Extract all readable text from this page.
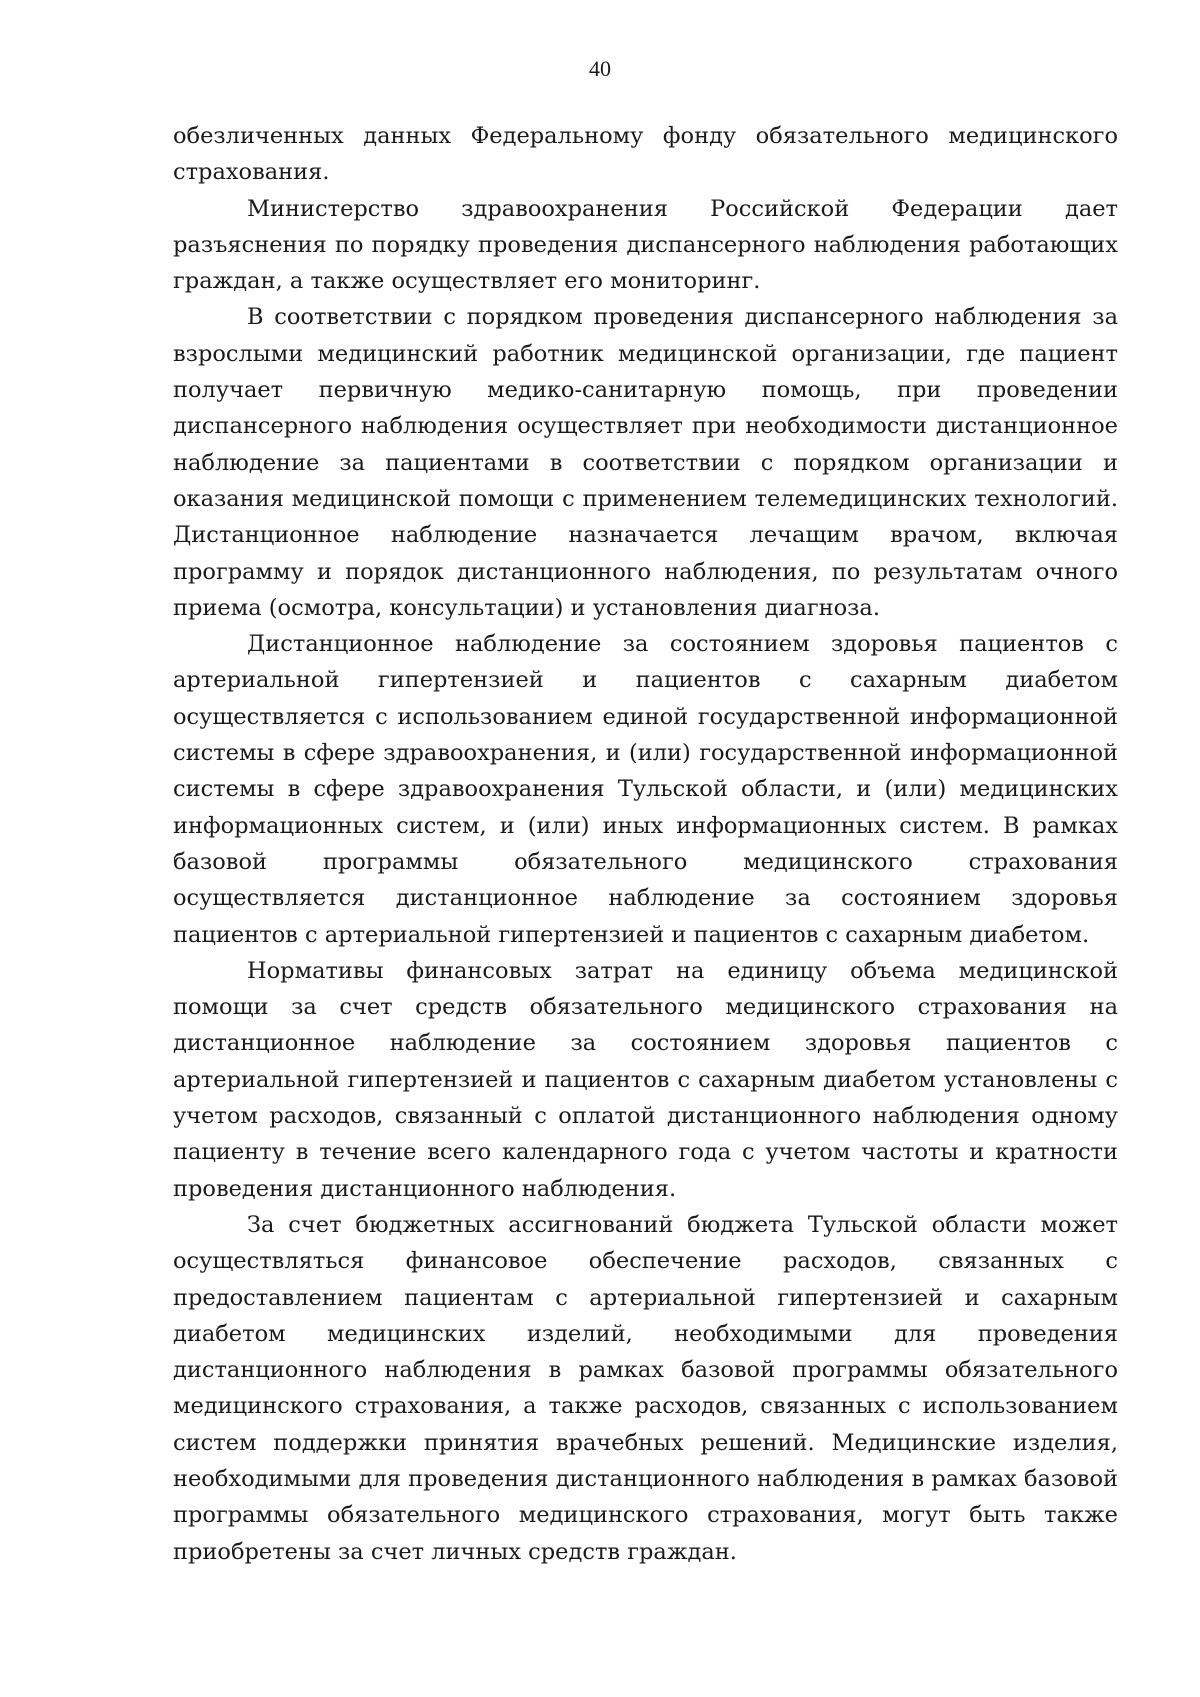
40

обезличенных данных Федеральному фонду обязательного медицинского страхования.

Министерство здравоохранения Российской Федерации дает разъяснения по порядку проведения диспансерного наблюдения работающих граждан, а также осуществляет его мониторинг.

В соответствии с порядком проведения диспансерного наблюдения за взрослыми медицинский работник медицинской организации, где пациент получает первичную медико-санитарную помощь, при проведении диспансерного наблюдения осуществляет при необходимости дистанционное наблюдение за пациентами в соответствии с порядком организации и оказания медицинской помощи с применением телемедицинских технологий. Дистанционное наблюдение назначается лечащим врачом, включая программу и порядок дистанционного наблюдения, по результатам очного приема (осмотра, консультации) и установления диагноза.

Дистанционное наблюдение за состоянием здоровья пациентов с артериальной гипертензией и пациентов с сахарным диабетом осуществляется с использованием единой государственной информационной системы в сфере здравоохранения, и (или) государственной информационной системы в сфере здравоохранения Тульской области, и (или) медицинских информационных систем, и (или) иных информационных систем. В рамках базовой программы обязательного медицинского страхования осуществляется дистанционное наблюдение за состоянием здоровья пациентов с артериальной гипертензией и пациентов с сахарным диабетом.

Нормативы финансовых затрат на единицу объема медицинской помощи за счет средств обязательного медицинского страхования на дистанционное наблюдение за состоянием здоровья пациентов с артериальной гипертензией и пациентов с сахарным диабетом установлены с учетом расходов, связанный с оплатой дистанционного наблюдения одному пациенту в течение всего календарного года с учетом частоты и кратности проведения дистанционного наблюдения.

За счет бюджетных ассигнований бюджета Тульской области может осуществляться финансовое обеспечение расходов, связанных с предоставлением пациентам с артериальной гипертензией и сахарным диабетом медицинских изделий, необходимыми для проведения дистанционного наблюдения в рамках базовой программы обязательного медицинского страхования, а также расходов, связанных с использованием систем поддержки принятия врачебных решений. Медицинские изделия, необходимыми для проведения дистанционного наблюдения в рамках базовой программы обязательного медицинского страхования, могут быть также приобретены за счет личных средств граждан.
